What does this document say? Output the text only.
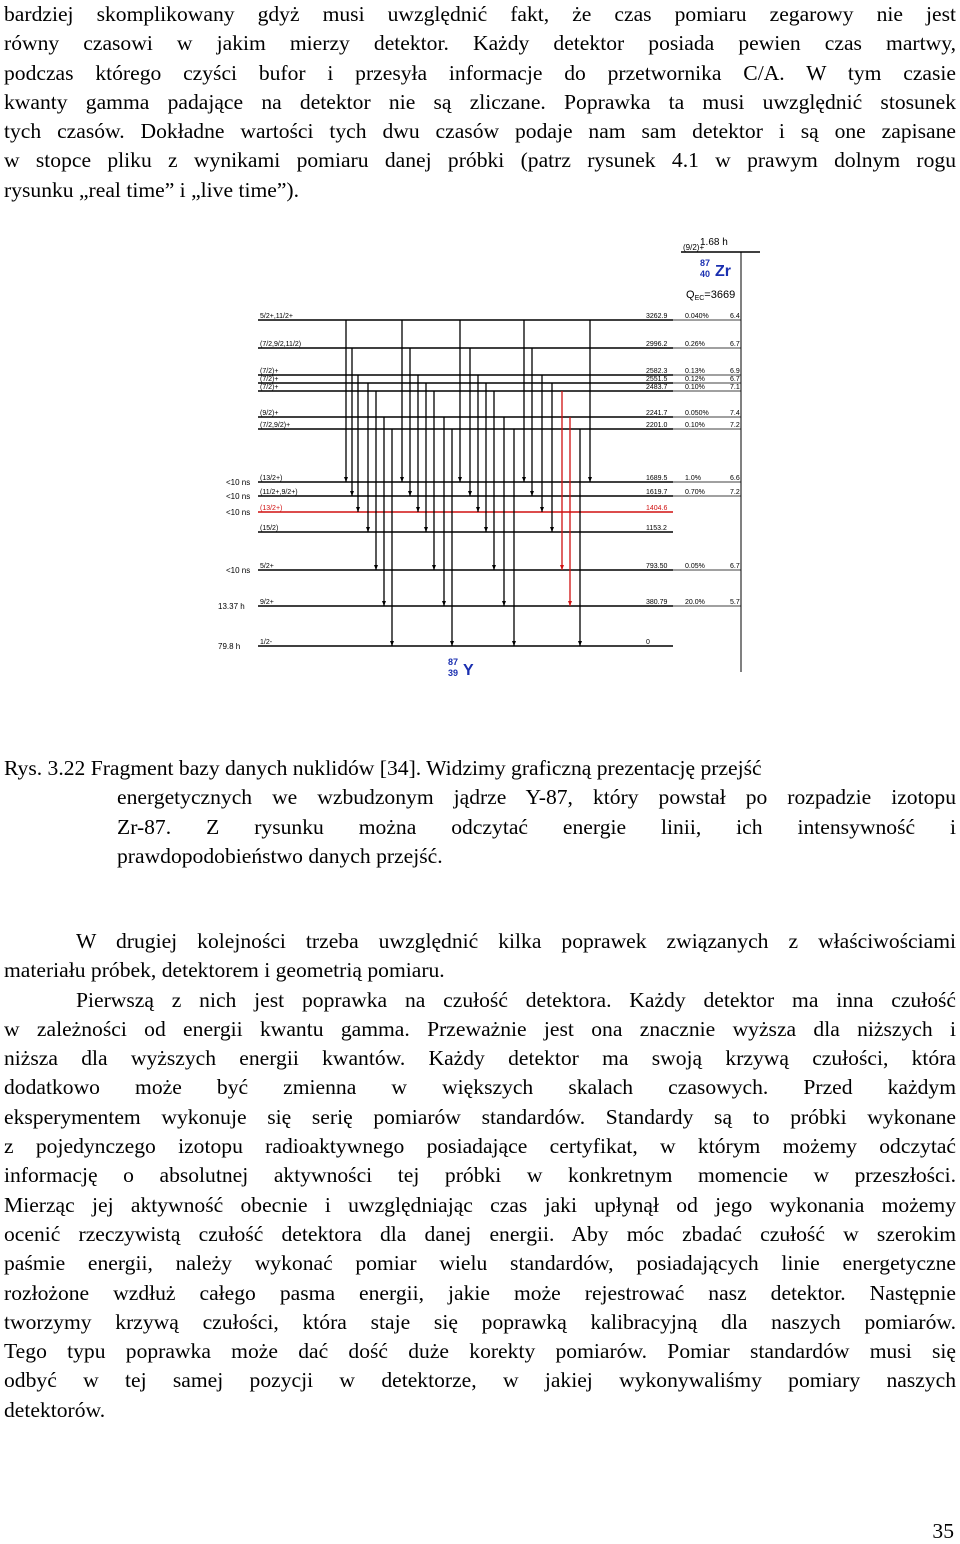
bardziej skomplikowany gdyż musi uwzględnić fakt, że czas pomiaru zegarowy nie jest
równy czasowi w jakim mierzy detektor. Każdy detektor posiada pewien czas martwy,
podczas którego czyści bufor i przesyła informacje do przetwornika C/A. W tym czasie
kwanty gamma padające na detektor nie są zliczane. Poprawka ta musi uwzględnić stosunek
tych czasów. Dokładne wartości tych dwu czasów podaje nam sam detektor i są one zapisane
w stopce pliku z wynikami pomiaru danej próbki (patrz rysunek 4.1 w prawym dolnym rogu
rysunku „real time” i „live time”).
1.68 h
(9/2)+
87
40 Zr
QEC=3669
5/2+,11/2+	3262.9	0.040%	6.4
(7/2,9/2,11/2)	2996.2	0.26%	6.7
(7/2)+	2582.3	0.13%	6.9
(7/2)+	2551.5	0.12%	6.7
(7/2)+	2483.7	0.10%	7.1
(9/2)+	2241.7	0.050%	7.4
(7/2,9/2)+	2201.0	0.10%	7.2
(13/2+)	1689.5	1.0%	6.6
<10 ns
(11/2+,9/2+)	1619.7	0.70%	7.2
<10 ns
(13/2+)	1404.6
<10 ns
(15/2)	1153.2
5/2+	793.50	0.05%	6.7
<10 ns
9/2+	380.79	20.0%	5.7
13.37 h
1/2-	0
79.8 h
87
39 Y
Rys. 3.22 Fragment bazy danych nuklidów [34]. Widzimy graficzną prezentację przejść
energetycznych we wzbudzonym jądrze Y-87, który powstał po rozpadzie izotopu
Zr-87. Z rysunku można odczytać energie linii, ich intensywność i
prawdopodobieństwo danych przejść.
W drugiej kolejności trzeba uwzględnić kilka poprawek związanych z właściwościami
materiału próbek, detektorem i geometrią pomiaru.
Pierwszą z nich jest poprawka na czułość detektora. Każdy detektor ma inna czułość
w zależności od energii kwantu gamma. Przeważnie jest ona znacznie wyższa dla niższych i
niższa dla wyższych energii kwantów. Każdy detektor ma swoją krzywą czułości, która
dodatkowo może być zmienna w większych skalach czasowych. Przed każdym
eksperymentem wykonuje się serię pomiarów standardów. Standardy są to próbki wykonane
z pojedynczego izotopu radioaktywnego posiadające certyfikat, w którym możemy odczytać
informację o absolutnej aktywności tej próbki w konkretnym momencie w przeszłości.
Mierząc jej aktywność obecnie i uwzględniając czas jaki upłynął od jego wykonania możemy
ocenić rzeczywistą czułość detektora dla danej energii. Aby móc zbadać czułość w szerokim
paśmie energii, należy wykonać pomiar wielu standardów, posiadających linie energetyczne
rozłożone wzdłuż całego pasma energii, jakie może rejestrować nasz detektor. Następnie
tworzymy krzywą czułości, która staje się poprawką kalibracyjną dla naszych pomiarów.
Tego typu poprawka może dać dość duże korekty pomiarów. Pomiar standardów musi się
odbyć w tej samej pozycji w detektorze, w jakiej wykonywaliśmy pomiary naszych
detektorów.
35
